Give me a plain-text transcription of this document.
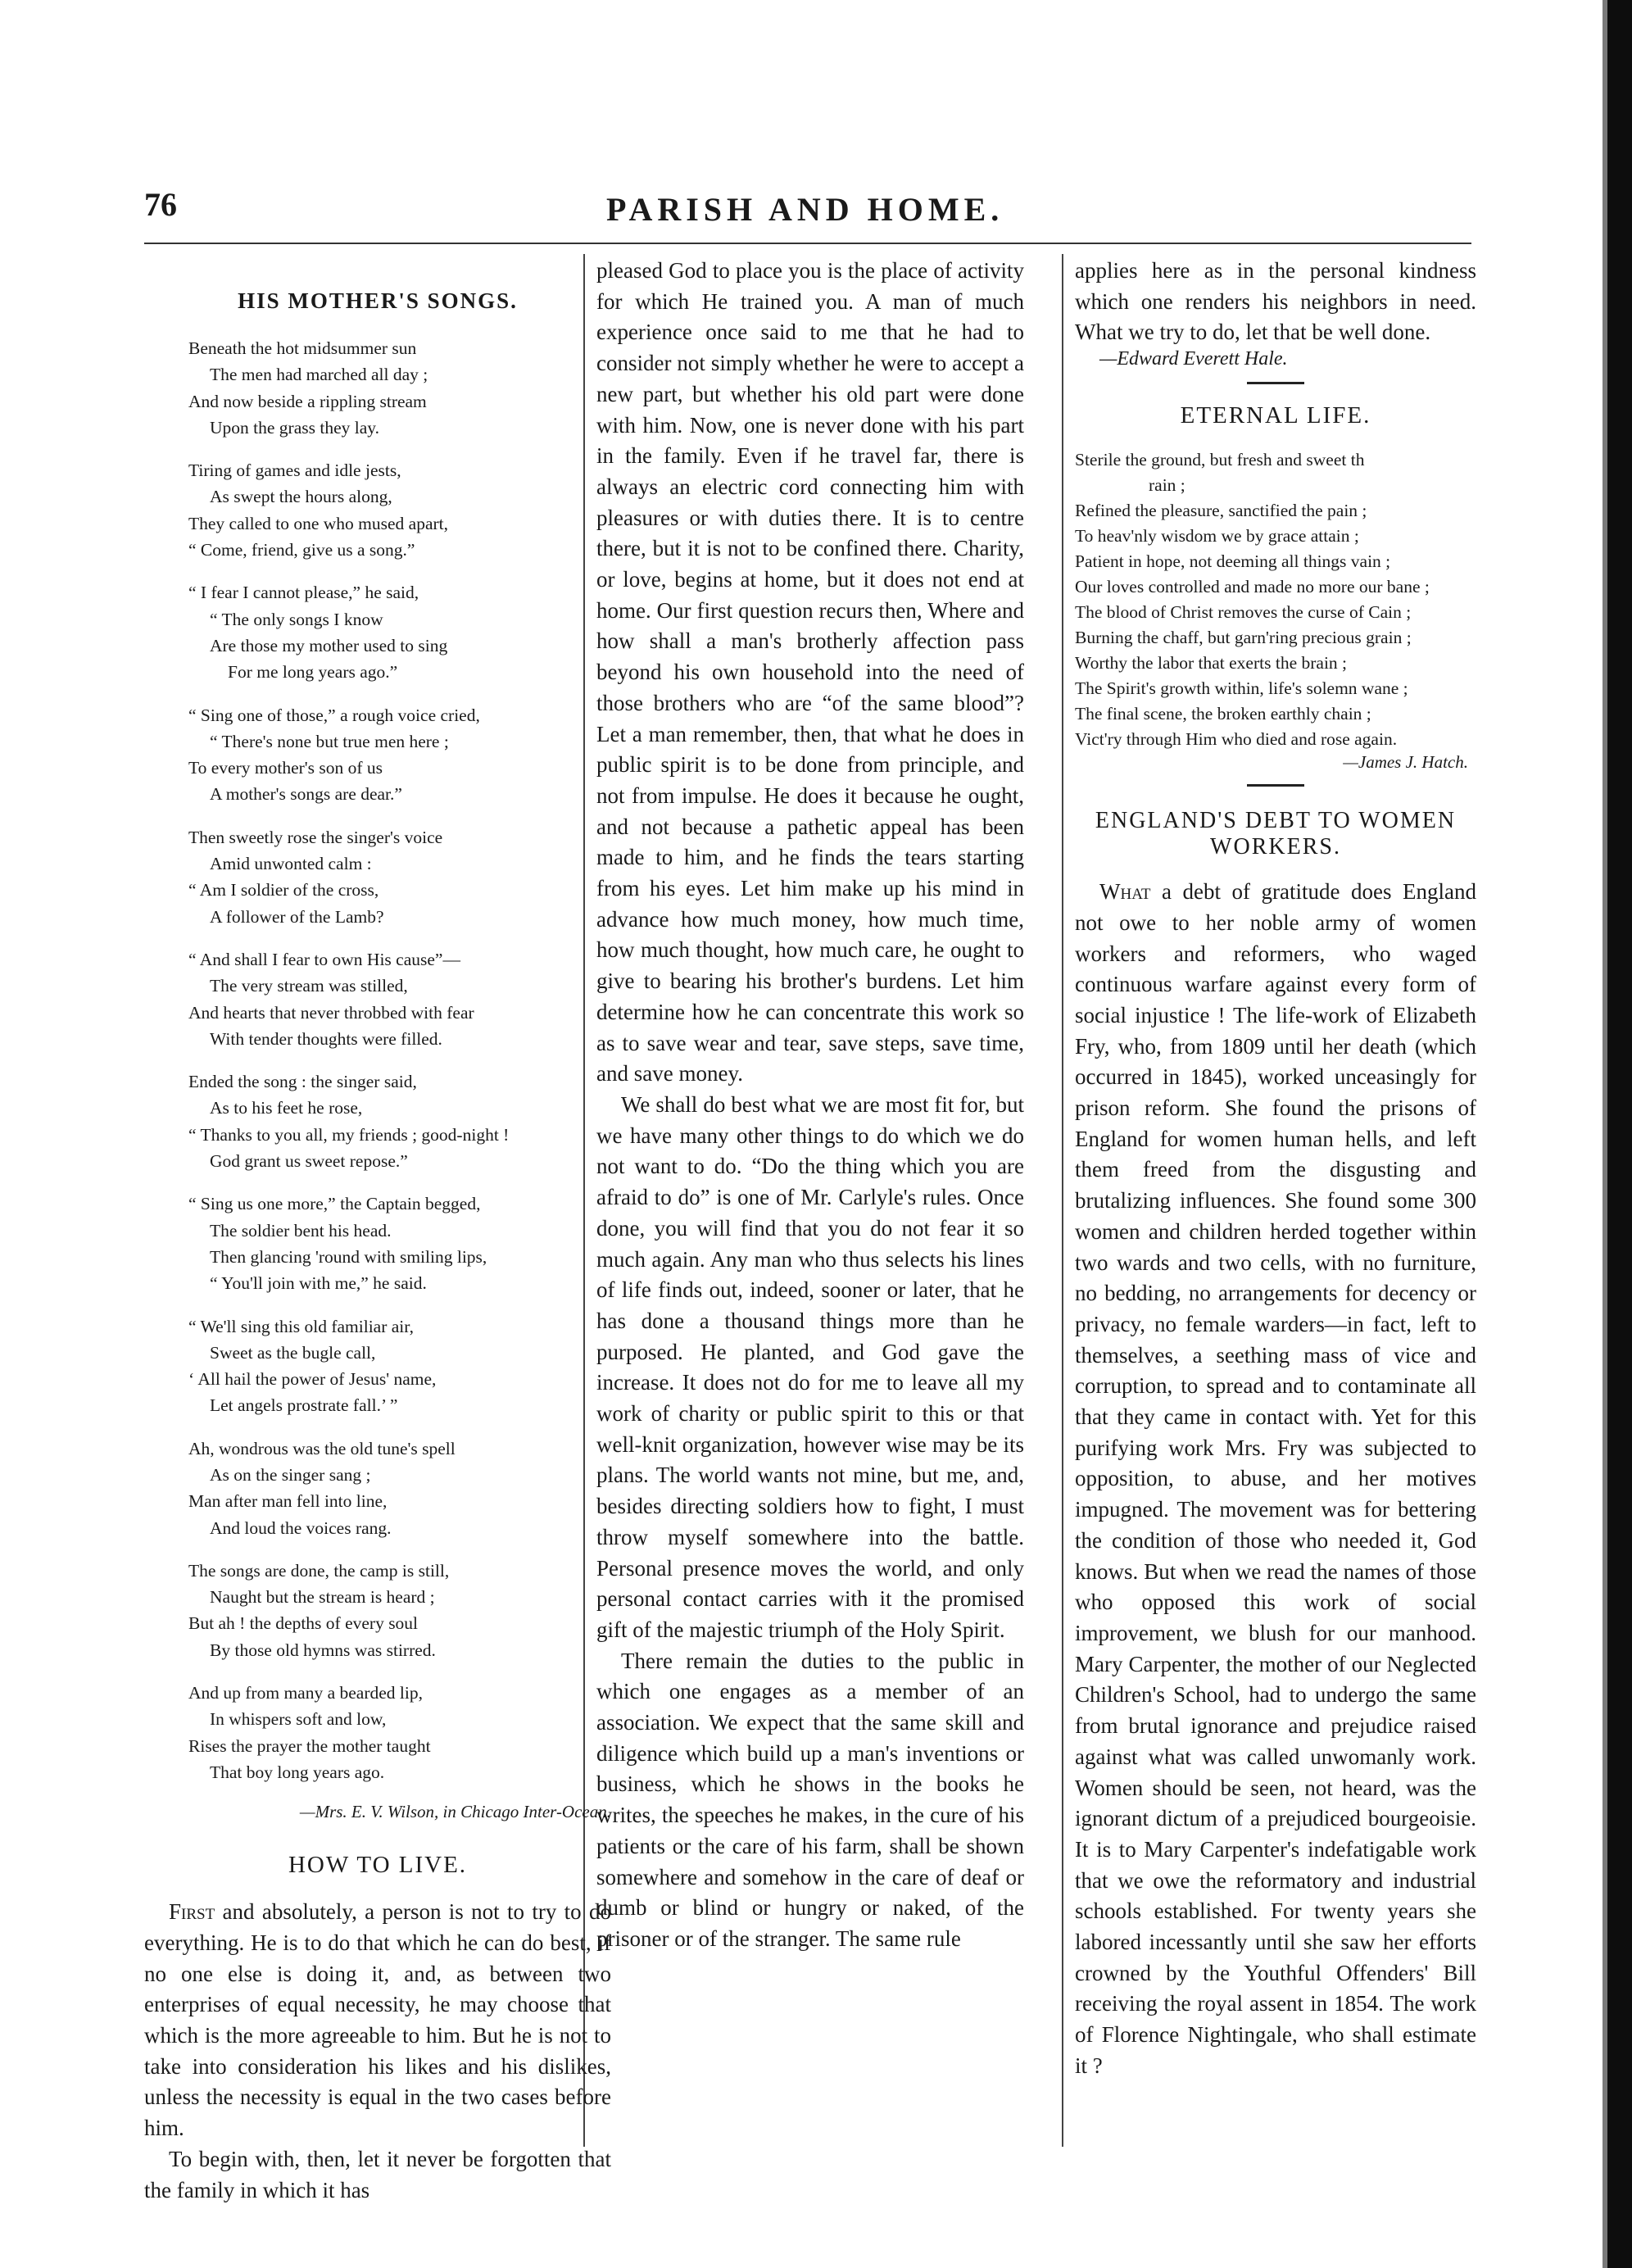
76	PARISH AND HOME.
HIS MOTHER'S SONGS.
Beneath the hot midsummer sun
The men had marched all day ;
And now beside a rippling stream
Upon the grass they lay.
Tiring of games and idle jests,
As swept the hours along,
They called to one who mused apart,
“ Come, friend, give us a song.”
“ I fear I cannot please,” he said,
“ The only songs I know
Are those my mother used to sing
For me long years ago.”
“ Sing one of those,” a rough voice cried,
“ There's none but true men here ;
To every mother's son of us
A mother's songs are dear.”
Then sweetly rose the singer's voice
Amid unwonted calm :
“ Am I soldier of the cross,
A follower of the Lamb?
“ And shall I fear to own His cause”—
The very stream was stilled,
And hearts that never throbbed with fear
With tender thoughts were filled.
Ended the song : the singer said,
As to his feet he rose,
“ Thanks to you all, my friends ; good-night !
God grant us sweet repose.”
“ Sing us one more,” the Captain begged,
The soldier bent his head.
Then glancing 'round with smiling lips,
“ You'll join with me,” he said.
“ We'll sing this old familiar air,
Sweet as the bugle call,
‘ All hail the power of Jesus' name,
Let angels prostrate fall.’ ”
Ah, wondrous was the old tune's spell
As on the singer sang ;
Man after man fell into line,
And loud the voices rang.
The songs are done, the camp is still,
Naught but the stream is heard ;
But ah ! the depths of every soul
By those old hymns was stirred.
And up from many a bearded lip,
In whispers soft and low,
Rises the prayer the mother taught
That boy long years ago.
—Mrs. E. V. Wilson, in Chicago Inter-Ocean.
HOW TO LIVE.

First and absolutely, a person is not to try to do everything. He is to do that which he can do best, if no one else is doing it, and, as between two enterprises of equal necessity, he may choose that which is the more agreeable to him. But he is not to take into consideration his likes and his dislikes, unless the necessity is equal in the two cases before him.

To begin with, then, let it never be forgotten that the family in which it has

pleased God to place you is the place of activity for which He trained you. A man of much experience once said to me that he had to consider not simply whether he were to accept a new part, but whether his old part were done with him. Now, one is never done with his part in the family. Even if he travel far, there is always an electric cord connecting him with pleasures or with duties there. It is to centre there, but it is not to be confined there. Charity, or love, begins at home, but it does not end at home. Our first question recurs then, Where and how shall a man's brotherly affection pass beyond his own household into the need of those brothers who are “of the same blood”? Let a man remember, then, that what he does in public spirit is to be done from principle, and not from impulse. He does it because he ought, and not because a pathetic appeal has been made to him, and he finds the tears starting from his eyes. Let him make up his mind in advance how much money, how much time, how much thought, how much care, he ought to give to bearing his brother's burdens. Let him determine how he can concentrate this work so as to save wear and tear, save steps, save time, and save money.

We shall do best what we are most fit for, but we have many other things to do which we do not want to do. “Do the thing which you are afraid to do” is one of Mr. Carlyle's rules. Once done, you will find that you do not fear it so much again. Any man who thus selects his lines of life finds out, indeed, sooner or later, that he has done a thousand things more than he purposed. He planted, and God gave the increase. It does not do for me to leave all my work of charity or public spirit to this or that well-knit organization, however wise may be its plans. The world wants not mine, but me, and, besides directing soldiers how to fight, I must throw myself somewhere into the battle. Personal presence moves the world, and only personal contact carries with it the promised gift of the majestic triumph of the Holy Spirit.

There remain the duties to the public in which one engages as a member of an association. We expect that the same skill and diligence which build up a man's inventions or business, which he shows in the books he writes, the speeches he makes, in the cure of his patients or the care of his farm, shall be shown somewhere and somehow in the care of deaf or dumb or blind or hungry or naked, of the prisoner or of the stranger. The same rule

applies here as in the personal kindness which one renders his neighbors in need. What we try to do, let that be well done.

—Edward Everett Hale.
ETERNAL LIFE.
Sterile the ground, but fresh and sweet th
rain ;
Refined the pleasure, sanctified the pain ;
To heav'nly wisdom we by grace attain ;
Patient in hope, not deeming all things vain ;
Our loves controlled and made no more our bane ;
The blood of Christ removes the curse of Cain ;
Burning the chaff, but garn'ring precious grain ;
Worthy the labor that exerts the brain ;
The Spirit's growth within, life's solemn wane ;
The final scene, the broken earthly chain ;
Vict'ry through Him who died and rose again.
—James J. Hatch.
ENGLAND'S DEBT TO WOMEN
WORKERS.

What a debt of gratitude does England not owe to her noble army of women workers and reformers, who waged continuous warfare against every form of social injustice ! The life-work of Elizabeth Fry, who, from 1809 until her death (which occurred in 1845), worked unceasingly for prison reform. She found the prisons of England for women human hells, and left them freed from the disgusting and brutalizing influences. She found some 300 women and children herded together within two wards and two cells, with no furniture, no bedding, no arrangements for decency or privacy, no female warders—in fact, left to themselves, a seething mass of vice and corruption, to spread and to contaminate all that they came in contact with. Yet for this purifying work Mrs. Fry was subjected to opposition, to abuse, and her motives impugned. The movement was for bettering the condition of those who needed it, God knows. But when we read the names of those who opposed this work of social improvement, we blush for our manhood. Mary Carpenter, the mother of our Neglected Children's School, had to undergo the same from brutal ignorance and prejudice raised against what was called unwomanly work. Women should be seen, not heard, was the ignorant dictum of a prejudiced bourgeoisie. It is to Mary Carpenter's indefatigable work that we owe the reformatory and industrial schools established. For twenty years she labored incessantly until she saw her efforts crowned by the Youthful Offenders' Bill receiving the royal assent in 1854. The work of Florence Nightingale, who shall estimate it ?
